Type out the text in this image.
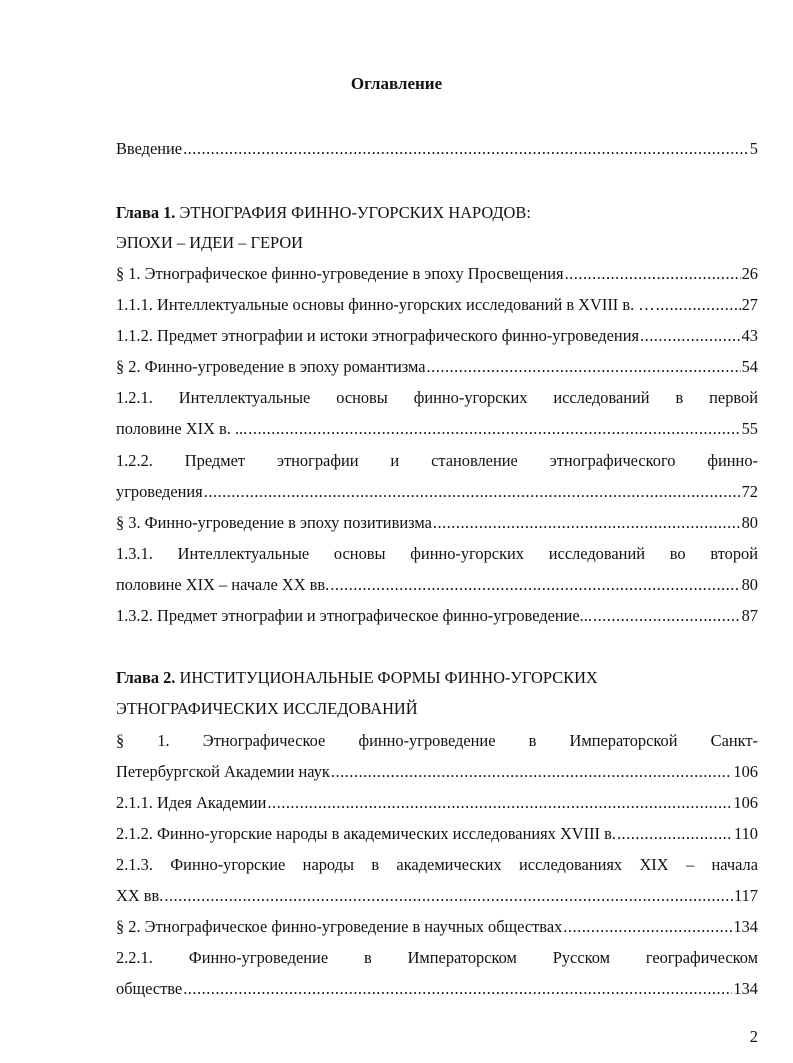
Оглавление
Введение .....	5
Глава 1. ЭТНОГРАФИЯ ФИННО-УГОРСКИХ НАРОДОВ:
ЭПОХИ – ИДЕИ – ГЕРОИ
§ 1. Этнографическое финно-угроведение в эпоху Просвещения .....	26
1.1.1. Интеллектуальные основы финно-угорских исследований в XVIII в. … .....	27
1.1.2. Предмет этнографии и истоки этнографического финно-угроведения .....	43
§ 2. Финно-угроведение в эпоху романтизма .....	54
1.2.1. Интеллектуальные основы финно-угорских исследований в первой
половине XIX в. ... .....	55
1.2.2. Предмет этнографии и становление этнографического финно-
угроведения .....	72
§ 3. Финно-угроведение в эпоху позитивизма .....	80
1.3.1. Интеллектуальные основы финно-угорских исследований во второй
половине XIX – начале XX вв. .....	80
1.3.2. Предмет этнографии и этнографическое финно-угроведение... .....	87
Глава 2. ИНСТИТУЦИОНАЛЬНЫЕ ФОРМЫ ФИННО-УГОРСКИХ
ЭТНОГРАФИЧЕСКИХ ИССЛЕДОВАНИЙ
§ 1. Этнографическое финно-угроведение в Императорской Санкт-
Петербургской Академии наук .....	106
2.1.1. Идея Академии .....	106
2.1.2. Финно-угорские народы в академических исследованиях XVIII в. .....	110
2.1.3. Финно-угорские народы в академических исследованиях XIX – начала
XX вв. .....	117
§ 2. Этнографическое финно-угроведение в научных обществах .....	134
2.2.1. Финно-угроведение в Императорском Русском географическом
обществе .....	134
2
